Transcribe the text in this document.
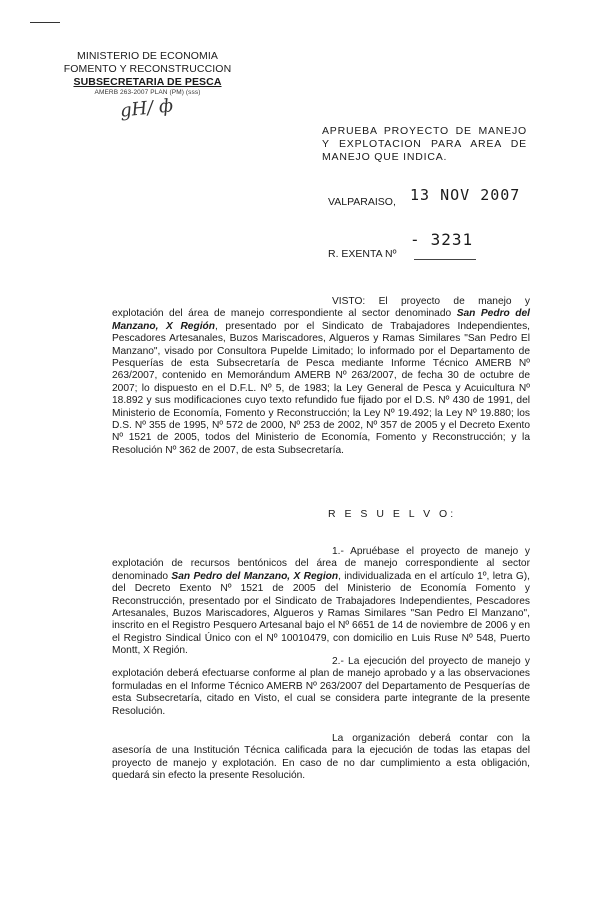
MINISTERIO DE ECONOMIA
FOMENTO Y RECONSTRUCCION
SUBSECRETARIA DE PESCA
AMERB 263-2007 PLAN (PM) (sss)
gH/ ф
APRUEBA PROYECTO DE MANEJO Y EXPLOTACION PARA AREA DE MANEJO QUE INDICA.
VALPARAISO, 13 NOV 2007
R. EXENTA Nº
- 3231
VISTO: El proyecto de manejo y explotación del área de manejo correspondiente al sector denominado San Pedro del Manzano, X Región, presentado por el Sindicato de Trabajadores Independientes, Pescadores Artesanales, Buzos Mariscadores, Algueros y Ramas Similares "San Pedro El Manzano", visado por Consultora Pupelde Limitado; lo informado por el Departamento de Pesquerías de esta Subsecretaría de Pesca mediante Informe Técnico AMERB Nº 263/2007, contenido en Memorándum AMERB Nº 263/2007, de fecha 30 de octubre de 2007; lo dispuesto en el D.F.L. Nº 5, de 1983; la Ley General de Pesca y Acuicultura Nº 18.892 y sus modificaciones cuyo texto refundido fue fijado por el D.S. Nº 430 de 1991, del Ministerio de Economía, Fomento y Reconstrucción; la Ley Nº 19.492; la Ley Nº 19.880; los D.S. Nº 355 de 1995, Nº 572 de 2000, Nº 253 de 2002, Nº 357 de 2005 y el Decreto Exento Nº 1521 de 2005, todos del Ministerio de Economía, Fomento y Reconstrucción; y la Resolución Nº 362 de 2007, de esta Subsecretaría.
R E S U E L V O:
1.- Apruébase el proyecto de manejo y explotación de recursos bentónicos del área de manejo correspondiente al sector denominado San Pedro del Manzano, X Region, individualizada en el artículo 1º, letra G), del Decreto Exento Nº 1521 de 2005 del Ministerio de Economía Fomento y Reconstrucción, presentado por el Sindicato de Trabajadores Independientes, Pescadores Artesanales, Buzos Mariscadores, Algueros y Ramas Similares "San Pedro El Manzano", inscrito en el Registro Pesquero Artesanal bajo el Nº 6651 de 14 de noviembre de 2006 y en el Registro Sindical Único con el Nº 10010479, con domicilio en Luis Ruse Nº 548, Puerto Montt, X Región.
2.- La ejecución del proyecto de manejo y explotación deberá efectuarse conforme al plan de manejo aprobado y a las observaciones formuladas en el Informe Técnico AMERB Nº 263/2007 del Departamento de Pesquerías de esta Subsecretaría, citado en Visto, el cual se considera parte integrante de la presente Resolución.
La organización deberá contar con la asesoría de una Institución Técnica calificada para la ejecución de todas las etapas del proyecto de manejo y explotación. En caso de no dar cumplimiento a esta obligación, quedará sin efecto la presente Resolución.
